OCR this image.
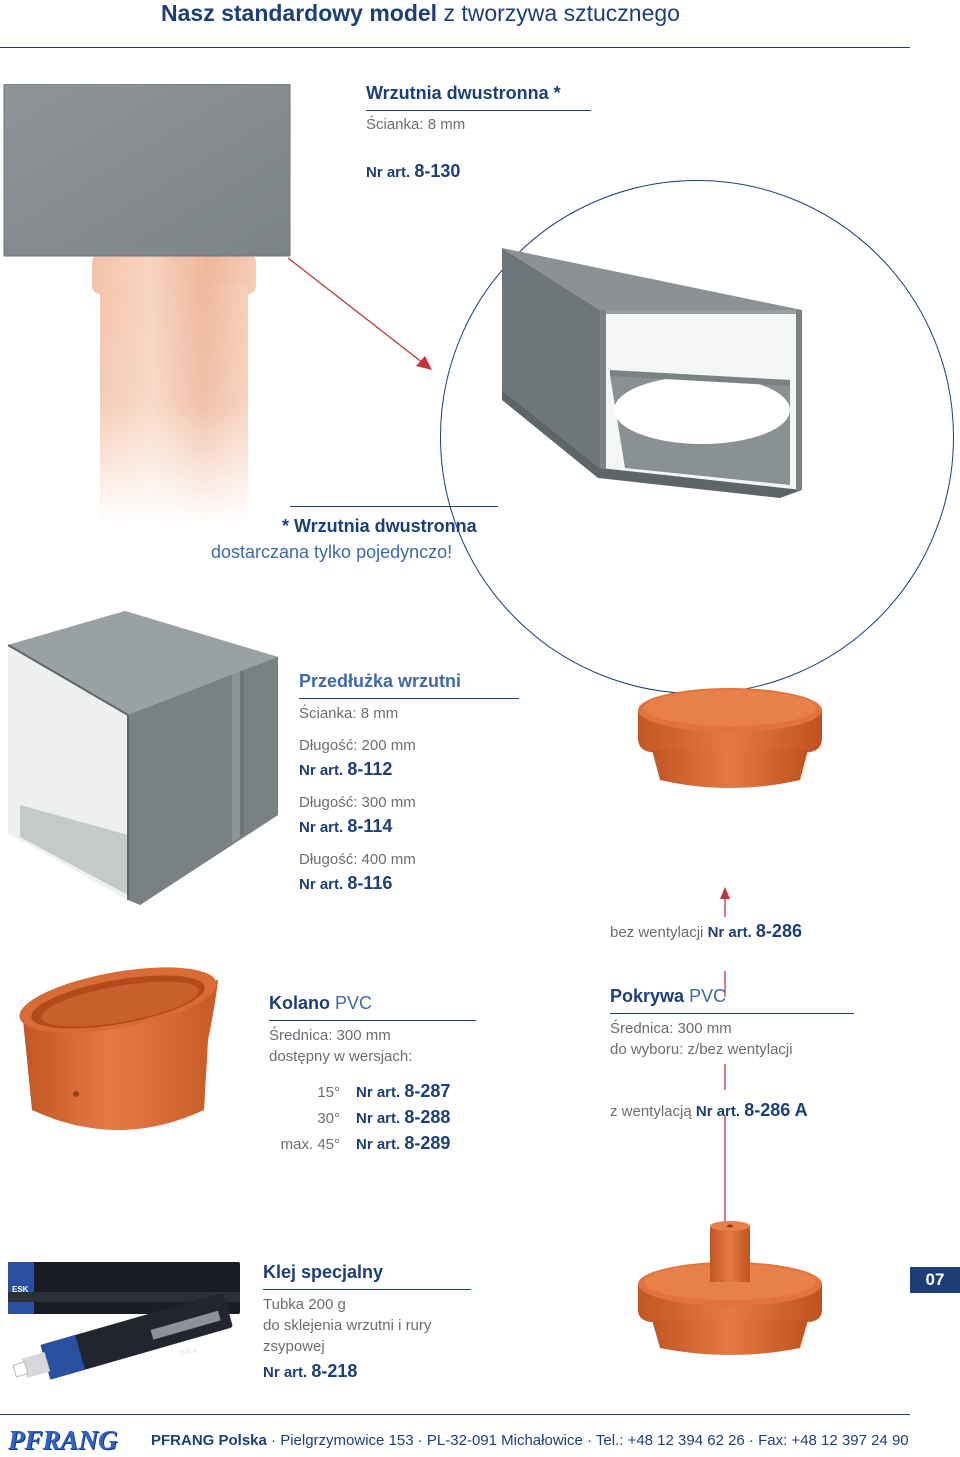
Nasz standardowy model z tworzywa sztucznego
Wrzutnia dwustronna *
Ścianka: 8 mm
Nr art. 8-130
* Wrzutnia dwustronna
dostarczana tylko pojedynczo!
Przedłużka wrzutni
Ścianka: 8 mm
Długość: 200 mm
Nr art. 8-112
Długość: 300 mm
Nr art. 8-114
Długość: 400 mm
Nr art. 8-116
bez wentylacji Nr art. 8-286
Pokrywa PVC
Średnica: 300 mm
do wyboru: z/bez wentylacji
z wentylacją Nr art. 8-286 A
Kolano PVC
Średnica: 300 mm
dostępny w wersjach:
15° Nr art. 8-287
30° Nr art. 8-288
max. 45° Nr art. 8-289
ESK
200 g
Klej specjalny
Tubka 200 g
do sklejenia wrzutni i rury
zsypowej
Nr art. 8-218
07
PFRANG PFRANG Polska · Pielgrzymowice 153 · PL-32-091 Michałowice · Tel.: +48 12 394 62 26 · Fax: +48 12 397 24 90
